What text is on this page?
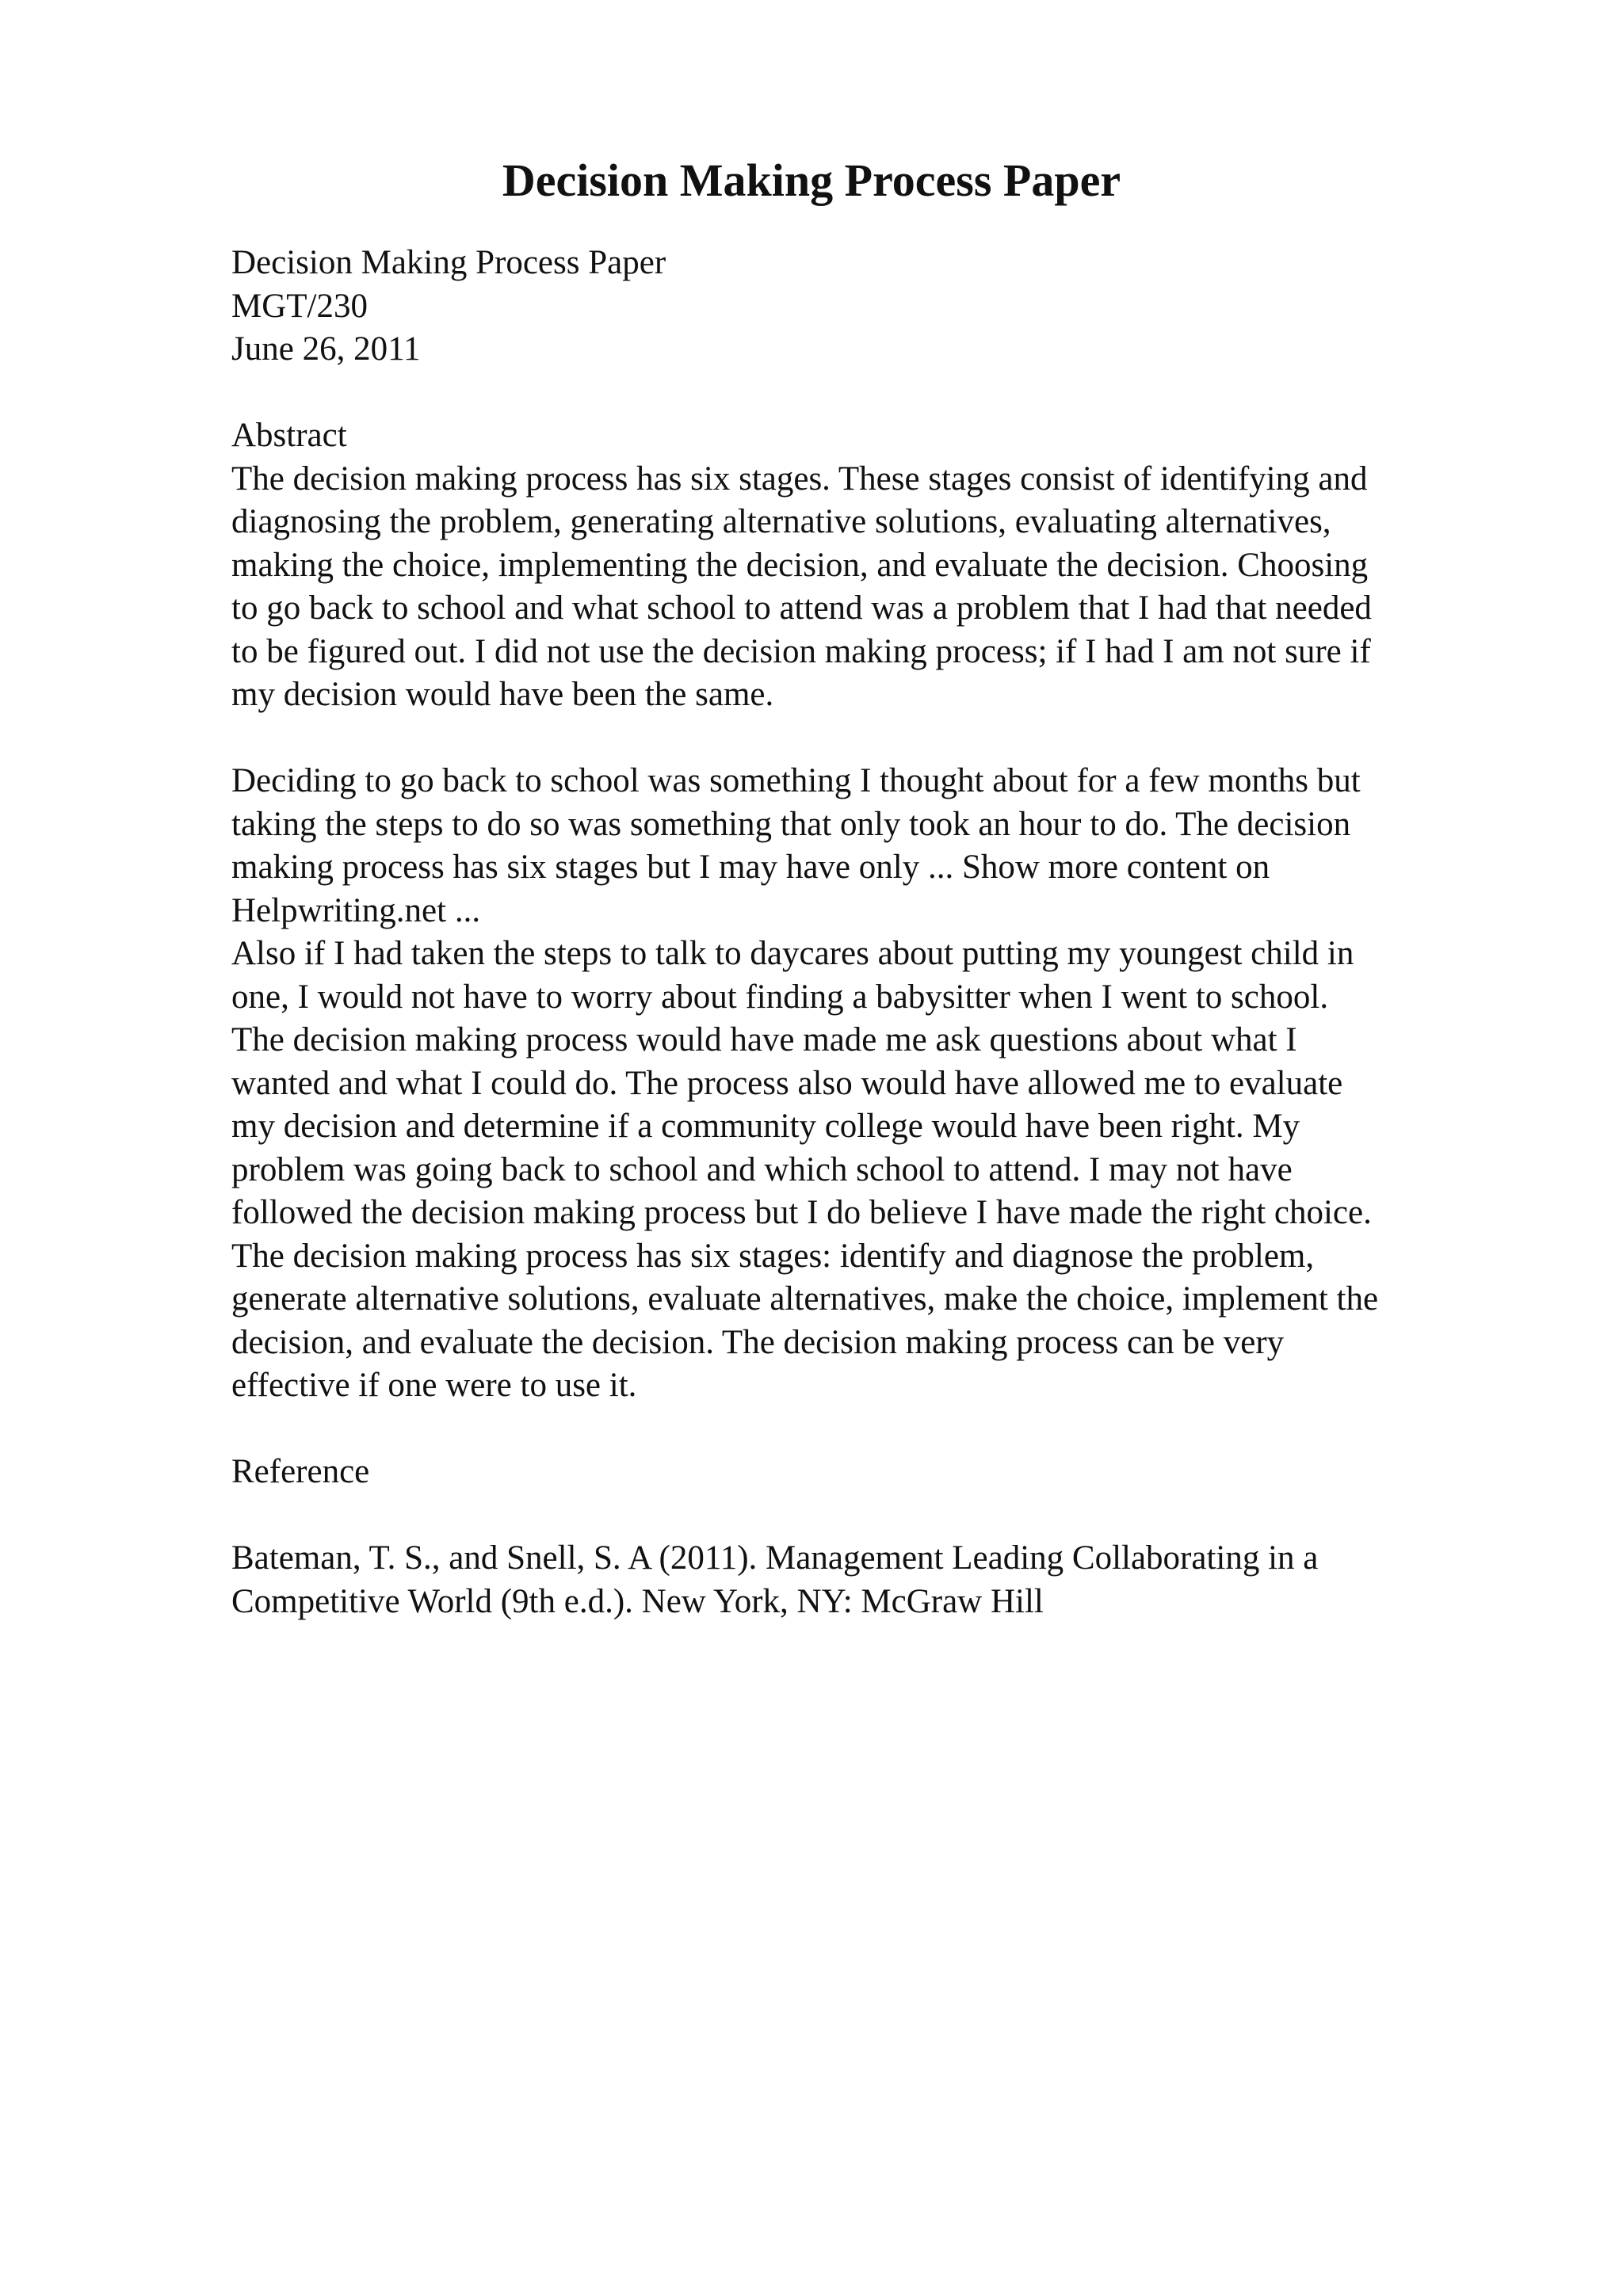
Decision Making Process Paper
Decision Making Process Paper
MGT/230
June 26, 2011
Abstract
The decision making process has six stages. These stages consist of identifying and
diagnosing the problem, generating alternative solutions, evaluating alternatives,
making the choice, implementing the decision, and evaluate the decision. Choosing
to go back to school and what school to attend was a problem that I had that needed
to be figured out. I did not use the decision making process; if I had I am not sure if
my decision would have been the same.
Deciding to go back to school was something I thought about for a few months but
taking the steps to do so was something that only took an hour to do. The decision
making process has six stages but I may have only ... Show more content on
Helpwriting.net ...
Also if I had taken the steps to talk to daycares about putting my youngest child in
one, I would not have to worry about finding a babysitter when I went to school.
The decision making process would have made me ask questions about what I
wanted and what I could do. The process also would have allowed me to evaluate
my decision and determine if a community college would have been right. My
problem was going back to school and which school to attend. I may not have
followed the decision making process but I do believe I have made the right choice.
The decision making process has six stages: identify and diagnose the problem,
generate alternative solutions, evaluate alternatives, make the choice, implement the
decision, and evaluate the decision. The decision making process can be very
effective if one were to use it.
Reference
Bateman, T. S., and Snell, S. A (2011). Management Leading Collaborating in a
Competitive World (9th e.d.). New York, NY: McGraw Hill
